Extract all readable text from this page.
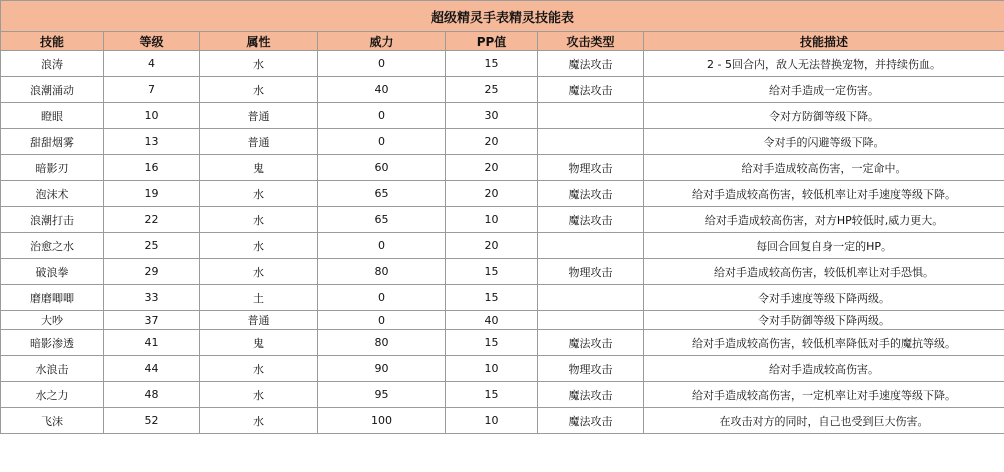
超级精灵手表精灵技能表						
技能	等级	属性	威力	PP值	攻击类型	技能描述
浪涛	4	水	0	15	魔法攻击	2 - 5回合内，敌人无法替换宠物，并持续伤血。
浪潮涌动	7	水	40	25	魔法攻击	给对手造成一定伤害。
瞪眼	10	普通	0	30		令对方防御等级下降。
甜甜烟雾	13	普通	0	20		令对手的闪避等级下降。
暗影刃	16	鬼	60	20	物理攻击	给对手造成较高伤害，一定命中。
泡沫术	19	水	65	20	魔法攻击	给对手造成较高伤害，较低机率让对手速度等级下降。
浪潮打击	22	水	65	10	魔法攻击	给对手造成较高伤害，对方HP较低时,威力更大。
治愈之水	25	水	0	20		每回合回复自身一定的HP。
破浪拳	29	水	80	15	物理攻击	给对手造成较高伤害，较低机率让对手恐惧。
磨磨唧唧	33	土	0	15		令对手速度等级下降两级。
大吵	37	普通	0	40		令对手防御等级下降两级。
暗影渗透	41	鬼	80	15	魔法攻击	给对手造成较高伤害，较低机率降低对手的魔抗等级。
水浪击	44	水	90	10	物理攻击	给对手造成较高伤害。
水之力	48	水	95	15	魔法攻击	给对手造成较高伤害，一定机率让对手速度等级下降。
飞沫	52	水	100	10	魔法攻击	在攻击对方的同时，自己也受到巨大伤害。
